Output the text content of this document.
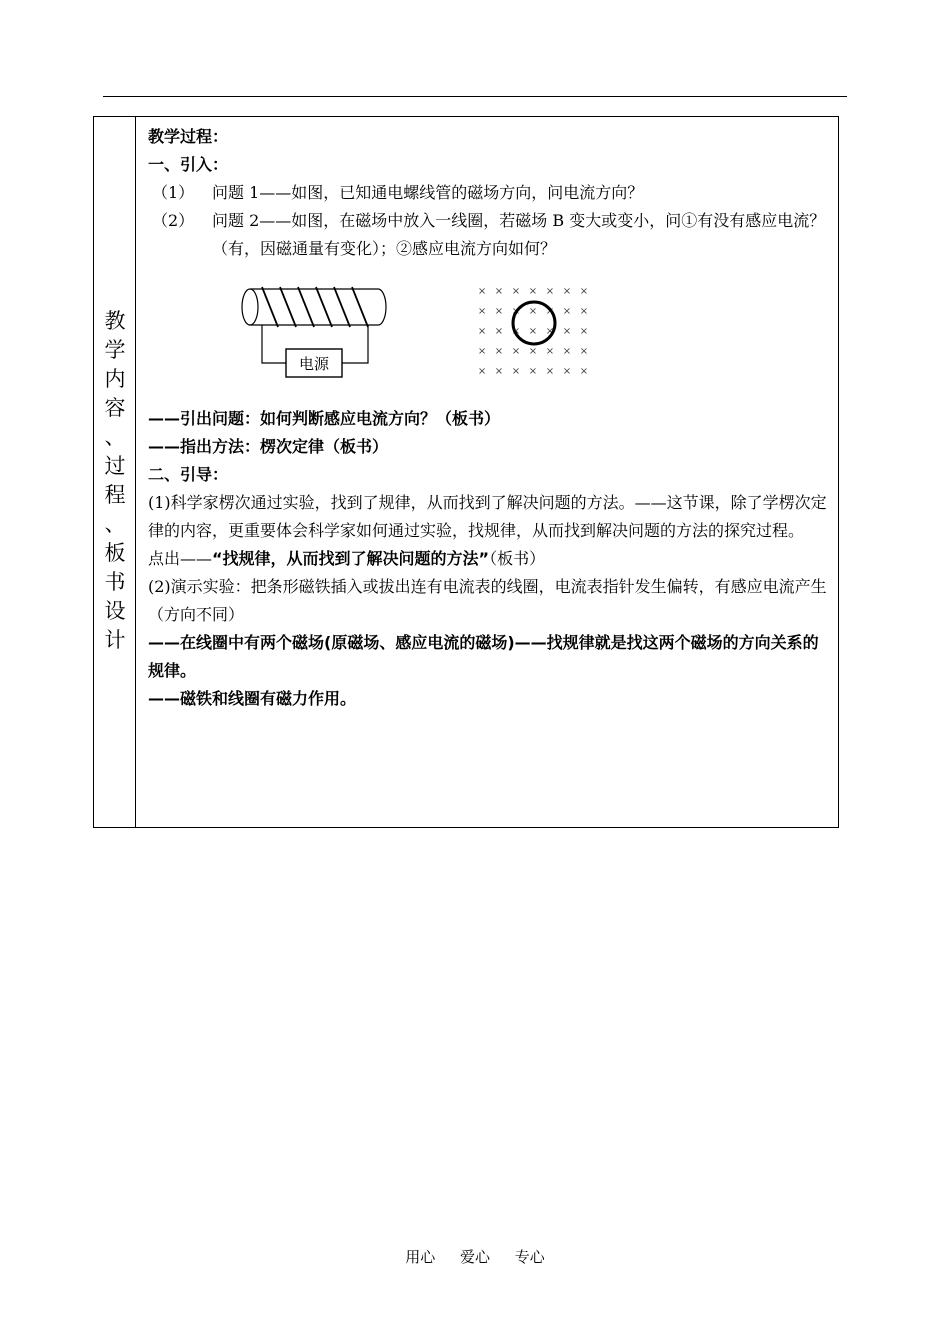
教
学
内
容
、
过
程
、
板
书
设
计
教学过程：
一、引入：
（1） 问题 1——如图，已知通电螺线管的磁场方向，问电流方向？
（2） 问题 2——如图，在磁场中放入一线圈，若磁场 B 变大或变小，问①有没有感应电流？（有，因磁通量有变化）；②感应电流方向如何？
电源
× × × × × × ×
× × × × × × ×
× × × × × × ×
× × × × × × ×
× × × × × × ×
——引出问题：如何判断感应电流方向？（板书）
——指出方法：楞次定律（板书）
二、引导：
(1)科学家楞次通过实验，找到了规律，从而找到了解决问题的方法。——这节课，除了学楞次定律的内容，更重要体会科学家如何通过实验，找规律，从而找到解决问题的方法的探究过程。
点出——“找规律，从而找到了解决问题的方法”（板书）
(2)演示实验：把条形磁铁插入或拔出连有电流表的线圈，电流表指针发生偏转，有感应电流产生（方向不同）
——在线圈中有两个磁场(原磁场、感应电流的磁场)——找规律就是找这两个磁场的方向关系的规律。
——磁铁和线圈有磁力作用。
用心 爱心 专心
